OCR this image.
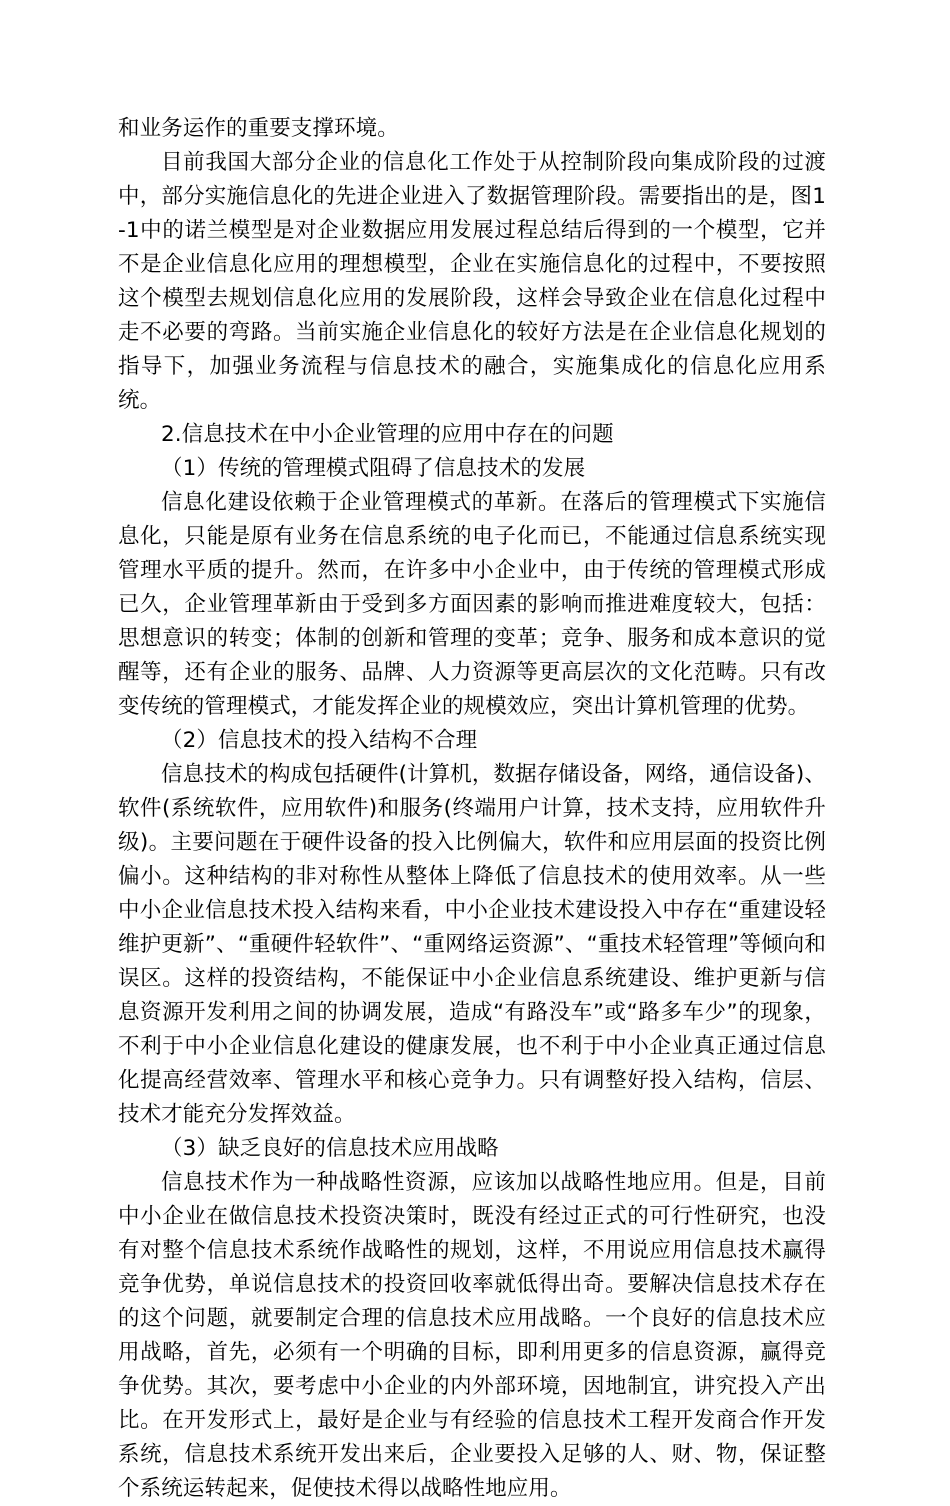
和业务运作的重要支撑环境。

目前我国大部分企业的信息化工作处于从控制阶段向集成阶段的过渡中，部分实施信息化的先进企业进入了数据管理阶段。需要指出的是，图1-1中的诺兰模型是对企业数据应用发展过程总结后得到的一个模型，它并不是企业信息化应用的理想模型，企业在实施信息化的过程中，不要按照这个模型去规划信息化应用的发展阶段，这样会导致企业在信息化过程中走不必要的弯路。当前实施企业信息化的较好方法是在企业信息化规划的指导下，加强业务流程与信息技术的融合，实施集成化的信息化应用系统。

2.信息技术在中小企业管理的应用中存在的问题

（1）传统的管理模式阻碍了信息技术的发展

信息化建设依赖于企业管理模式的革新。在落后的管理模式下实施信息化，只能是原有业务在信息系统的电子化而已，不能通过信息系统实现管理水平质的提升。然而，在许多中小企业中，由于传统的管理模式形成已久，企业管理革新由于受到多方面因素的影响而推进难度较大，包括：思想意识的转变；体制的创新和管理的变革；竞争、服务和成本意识的觉醒等，还有企业的服务、品牌、人力资源等更高层次的文化范畴。只有改变传统的管理模式，才能发挥企业的规模效应，突出计算机管理的优势。

（2）信息技术的投入结构不合理

信息技术的构成包括硬件(计算机，数据存储设备，网络，通信设备)、软件(系统软件，应用软件)和服务(终端用户计算，技术支持，应用软件升级)。主要问题在于硬件设备的投入比例偏大，软件和应用层面的投资比例偏小。这种结构的非对称性从整体上降低了信息技术的使用效率。从一些中小企业信息技术投入结构来看，中小企业技术建设投入中存在“重建设轻维护更新”、“重硬件轻软件”、“重网络运资源”、“重技术轻管理”等倾向和误区。这样的投资结构，不能保证中小企业信息系统建设、维护更新与信息资源开发利用之间的协调发展，造成“有路没车”或“路多车少”的现象，不利于中小企业信息化建设的健康发展，也不利于中小企业真正通过信息化提高经营效率、管理水平和核心竞争力。只有调整好投入结构，信层、技术才能充分发挥效益。

（3）缺乏良好的信息技术应用战略

信息技术作为一种战略性资源，应该加以战略性地应用。但是，目前中小企业在做信息技术投资决策时，既没有经过正式的可行性研究，也没有对整个信息技术系统作战略性的规划，这样，不用说应用信息技术赢得竞争优势，单说信息技术的投资回收率就低得出奇。要解决信息技术存在的这个问题，就要制定合理的信息技术应用战略。一个良好的信息技术应用战略，首先，必须有一个明确的目标，即利用更多的信息资源，赢得竞争优势。其次，要考虑中小企业的内外部环境，因地制宜，讲究投入产出比。在开发形式上，最好是企业与有经验的信息技术工程开发商合作开发系统，信息技术系统开发出来后，企业要投入足够的人、财、物，保证整个系统运转起来，促使技术得以战略性地应用。
